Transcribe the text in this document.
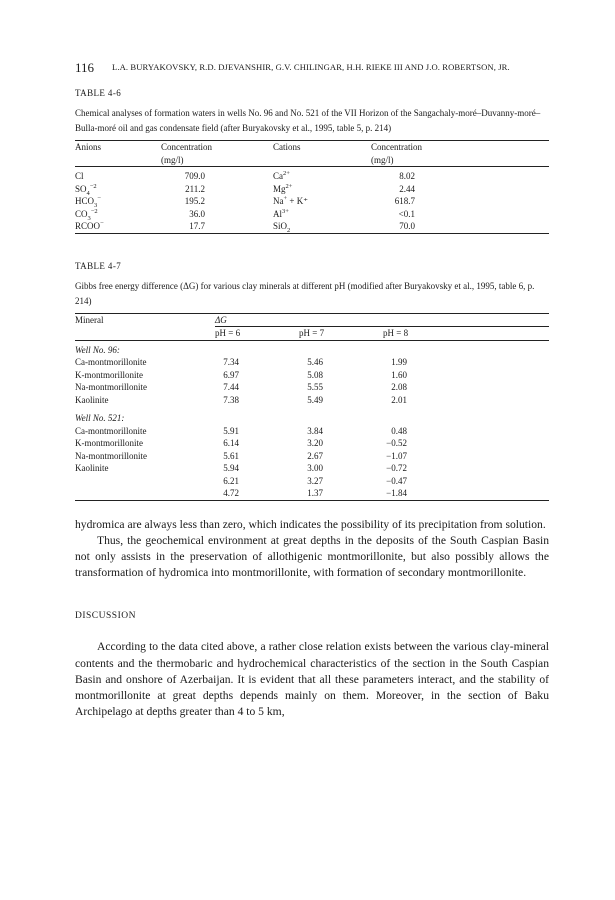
116 L.A. BURYAKOVSKY, R.D. DJEVANSHIR, G.V. CHILINGAR, H.H. RIEKE III AND J.O. ROBERTSON, JR.

TABLE 4-6

Chemical analyses of formation waters in wells No. 96 and No. 521 of the VII Horizon of the Sangachaly-moré–Duvanny-moré–Bulla-moré oil and gas condensate field (after Buryakovsky et al., 1995, table 5, p. 214)

Anions	Concentration	Cations	Concentration	
	(mg/l)		(mg/l)	
Cl	709.0	$Ca^{2+}$	8.02	
$SO_4^{-2}$	211.2	$Mg^{2+}$	2.44	
$HCO_3^-$	195.2	Na+ + K⁺	618.7	
$CO_3^{-2}$	36.0	$Al^{3+}$	<0.1	
RCOO−	17.7	SiO$_2$	70.0	

TABLE 4-7

Gibbs free energy difference (ΔG) for various clay minerals at different pH (modified after Buryakovsky et al., 1995, table 6, p. 214)

Mineral	ΔG			
	pH = 6	pH = 7	pH = 8	
Well No. 96:				
Ca-montmorillonite	7.34	5.46	1.99	
K-montmorillonite	6.97	5.08	1.60	
Na-montmorillonite	7.44	5.55	2.08	
Kaolinite	7.38	5.49	2.01	
Well No. 521:				
Ca-montmorillonite	5.91	3.84	0.48	
K-montmorillonite	6.14	3.20	−0.52	
Na-montmorillonite	5.61	2.67	−1.07	
Kaolinite	5.94	3.00	−0.72	
	6.21	3.27	−0.47	
	4.72	1.37	−1.84	

hydromica are always less than zero, which indicates the possibility of its precipitation from solution.

Thus, the geochemical environment at great depths in the deposits of the South Caspian Basin not only assists in the preservation of allothigenic montmorillonite, but also possibly allows the transformation of hydromica into montmorillonite, with formation of secondary montmorillonite.

DISCUSSION

According to the data cited above, a rather close relation exists between the various clay-mineral contents and the thermobaric and hydrochemical characteristics of the section in the South Caspian Basin and onshore of Azerbaijan. It is evident that all these parameters interact, and the stability of montmorillonite at great depths depends mainly on them. Moreover, in the section of Baku Archipelago at depths greater than 4 to 5 km,
